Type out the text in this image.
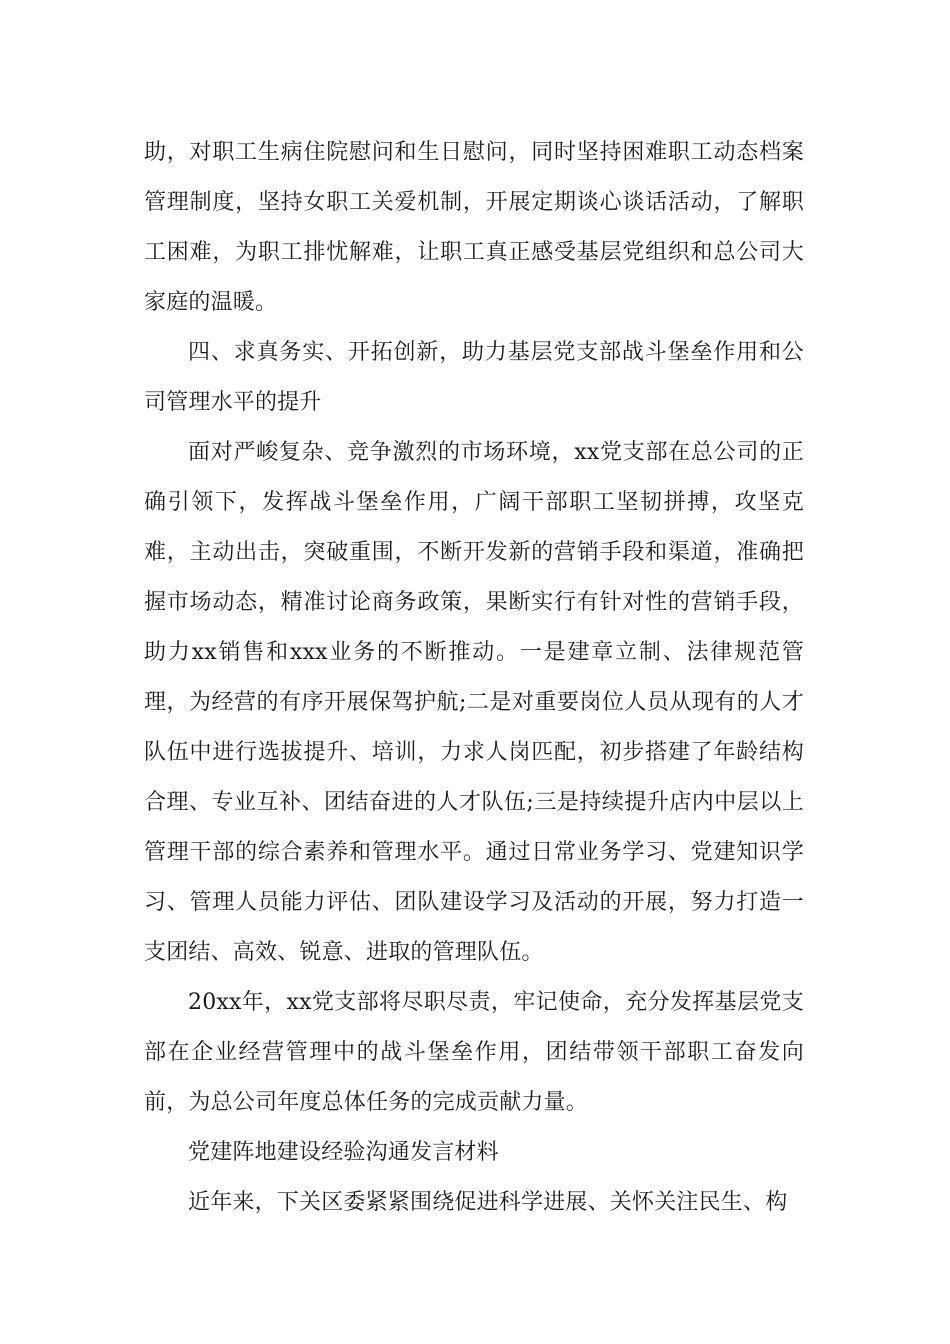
助，对职工生病住院慰问和生日慰问，同时坚持困难职工动态档案管理制度，坚持女职工关爱机制，开展定期谈心谈话活动，了解职工困难，为职工排忧解难，让职工真正感受基层党组织和总公司大家庭的温暖。

四、求真务实、开拓创新，助力基层党支部战斗堡垒作用和公司管理水平的提升

面对严峻复杂、竞争激烈的市场环境，xx党支部在总公司的正确引领下，发挥战斗堡垒作用，广阔干部职工坚韧拼搏，攻坚克难，主动出击，突破重围，不断开发新的营销手段和渠道，准确把握市场动态，精准讨论商务政策，果断实行有针对性的营销手段，助力xx销售和xxx业务的不断推动。一是建章立制、法律规范管理，为经营的有序开展保驾护航;二是对重要岗位人员从现有的人才队伍中进行选拔提升、培训，力求人岗匹配，初步搭建了年龄结构合理、专业互补、团结奋进的人才队伍;三是持续提升店内中层以上管理干部的综合素养和管理水平。通过日常业务学习、党建知识学习、管理人员能力评估、团队建设学习及活动的开展，努力打造一支团结、高效、锐意、进取的管理队伍。

20xx年，xx党支部将尽职尽责，牢记使命，充分发挥基层党支部在企业经营管理中的战斗堡垒作用，团结带领干部职工奋发向前，为总公司年度总体任务的完成贡献力量。

党建阵地建设经验沟通发言材料

近年来，下关区委紧紧围绕促进科学进展、关怀关注民生、构
